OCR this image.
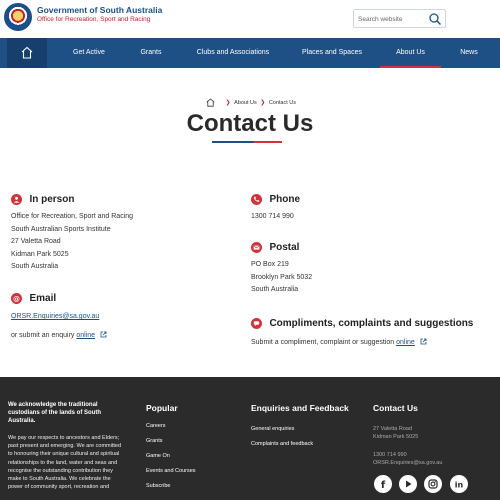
Government of South Australia
Office for Recreation, Sport and Racing
Search website
Get Active	Grants	Clubs and Associations	Places and Spaces	About Us	News
❯ About Us ❯ Contact Us
Contact Us
In person
Office for Recreation, Sport and Racing
South Australian Sports Institute
27 Valetta Road
Kidman Park 5025
South Australia
@ Email
ORSR.Enquiries@sa.gov.au
or submit an enquiry online
Phone
1300 714 990
Postal
PO Box 219
Brooklyn Park 5032
South Australia
Compliments, complaints and suggestions
Submit a compliment, complaint or suggestion online
We acknowledge the traditional custodians of the lands of South Australia.
We pay our respects to ancestors and Elders; past present and emerging. We are committed to honouring their unique cultural and spiritual relationships to the land, water and seas and recognise the outstanding contribution they make to South Australia. We celebrate the power of community sport, recreation and
Popular
Careers
Grants
Game On
Events and Courses
Subscribe
Enquiries and Feedback
General enquiries
Complaints and feedback
Contact Us
27 Valetta Road
Kidman Park 5025
1300 714 990
ORSR.Enquiries@sa.gov.au
f	in
